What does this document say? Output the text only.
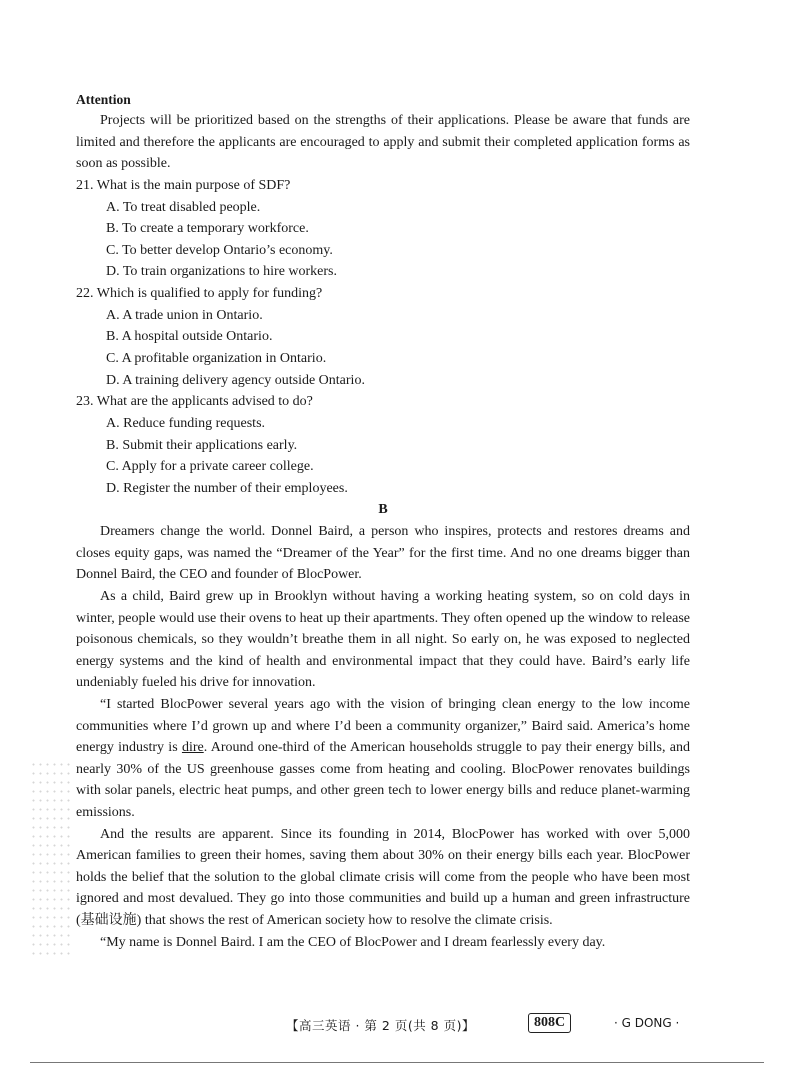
Attention

Projects will be prioritized based on the strengths of their applications. Please be aware that funds are limited and therefore the applicants are encouraged to apply and submit their completed application forms as soon as possible.

21. What is the main purpose of SDF?

A. To treat disabled people.

B. To create a temporary workforce.

C. To better develop Ontario’s economy.

D. To train organizations to hire workers.

22. Which is qualified to apply for funding?

A. A trade union in Ontario.

B. A hospital outside Ontario.

C. A profitable organization in Ontario.

D. A training delivery agency outside Ontario.

23. What are the applicants advised to do?

A. Reduce funding requests.

B. Submit their applications early.

C. Apply for a private career college.

D. Register the number of their employees.

B

Dreamers change the world. Donnel Baird, a person who inspires, protects and restores dreams and closes equity gaps, was named the “Dreamer of the Year” for the first time. And no one dreams bigger than Donnel Baird, the CEO and founder of BlocPower.

As a child, Baird grew up in Brooklyn without having a working heating system, so on cold days in winter, people would use their ovens to heat up their apartments. They often opened up the window to release poisonous chemicals, so they wouldn’t breathe them in all night. So early on, he was exposed to neglected energy systems and the kind of health and environmental impact that they could have. Baird’s early life undeniably fueled his drive for innovation.

“I started BlocPower several years ago with the vision of bringing clean energy to the low income communities where I’d grown up and where I’d been a community organizer,” Baird said. America’s home energy industry is dire. Around one-third of the American households struggle to pay their energy bills, and nearly 30% of the US greenhouse gasses come from heating and cooling. BlocPower renovates buildings with solar panels, electric heat pumps, and other green tech to lower energy bills and reduce planet-warming emissions.

And the results are apparent. Since its founding in 2014, BlocPower has worked with over 5,000 American families to green their homes, saving them about 30% on their energy bills each year. BlocPower holds the belief that the solution to the global climate crisis will come from the people who have been most ignored and most devalued. They go into those communities and build up a human and green infrastructure (基础设施) that shows the rest of American society how to resolve the climate crisis.

“My name is Donnel Baird. I am the CEO of BlocPower and I dream fearlessly every day.

【高三英语 · 第 2 页(共 8 页)】	808C	· G DONG ·
